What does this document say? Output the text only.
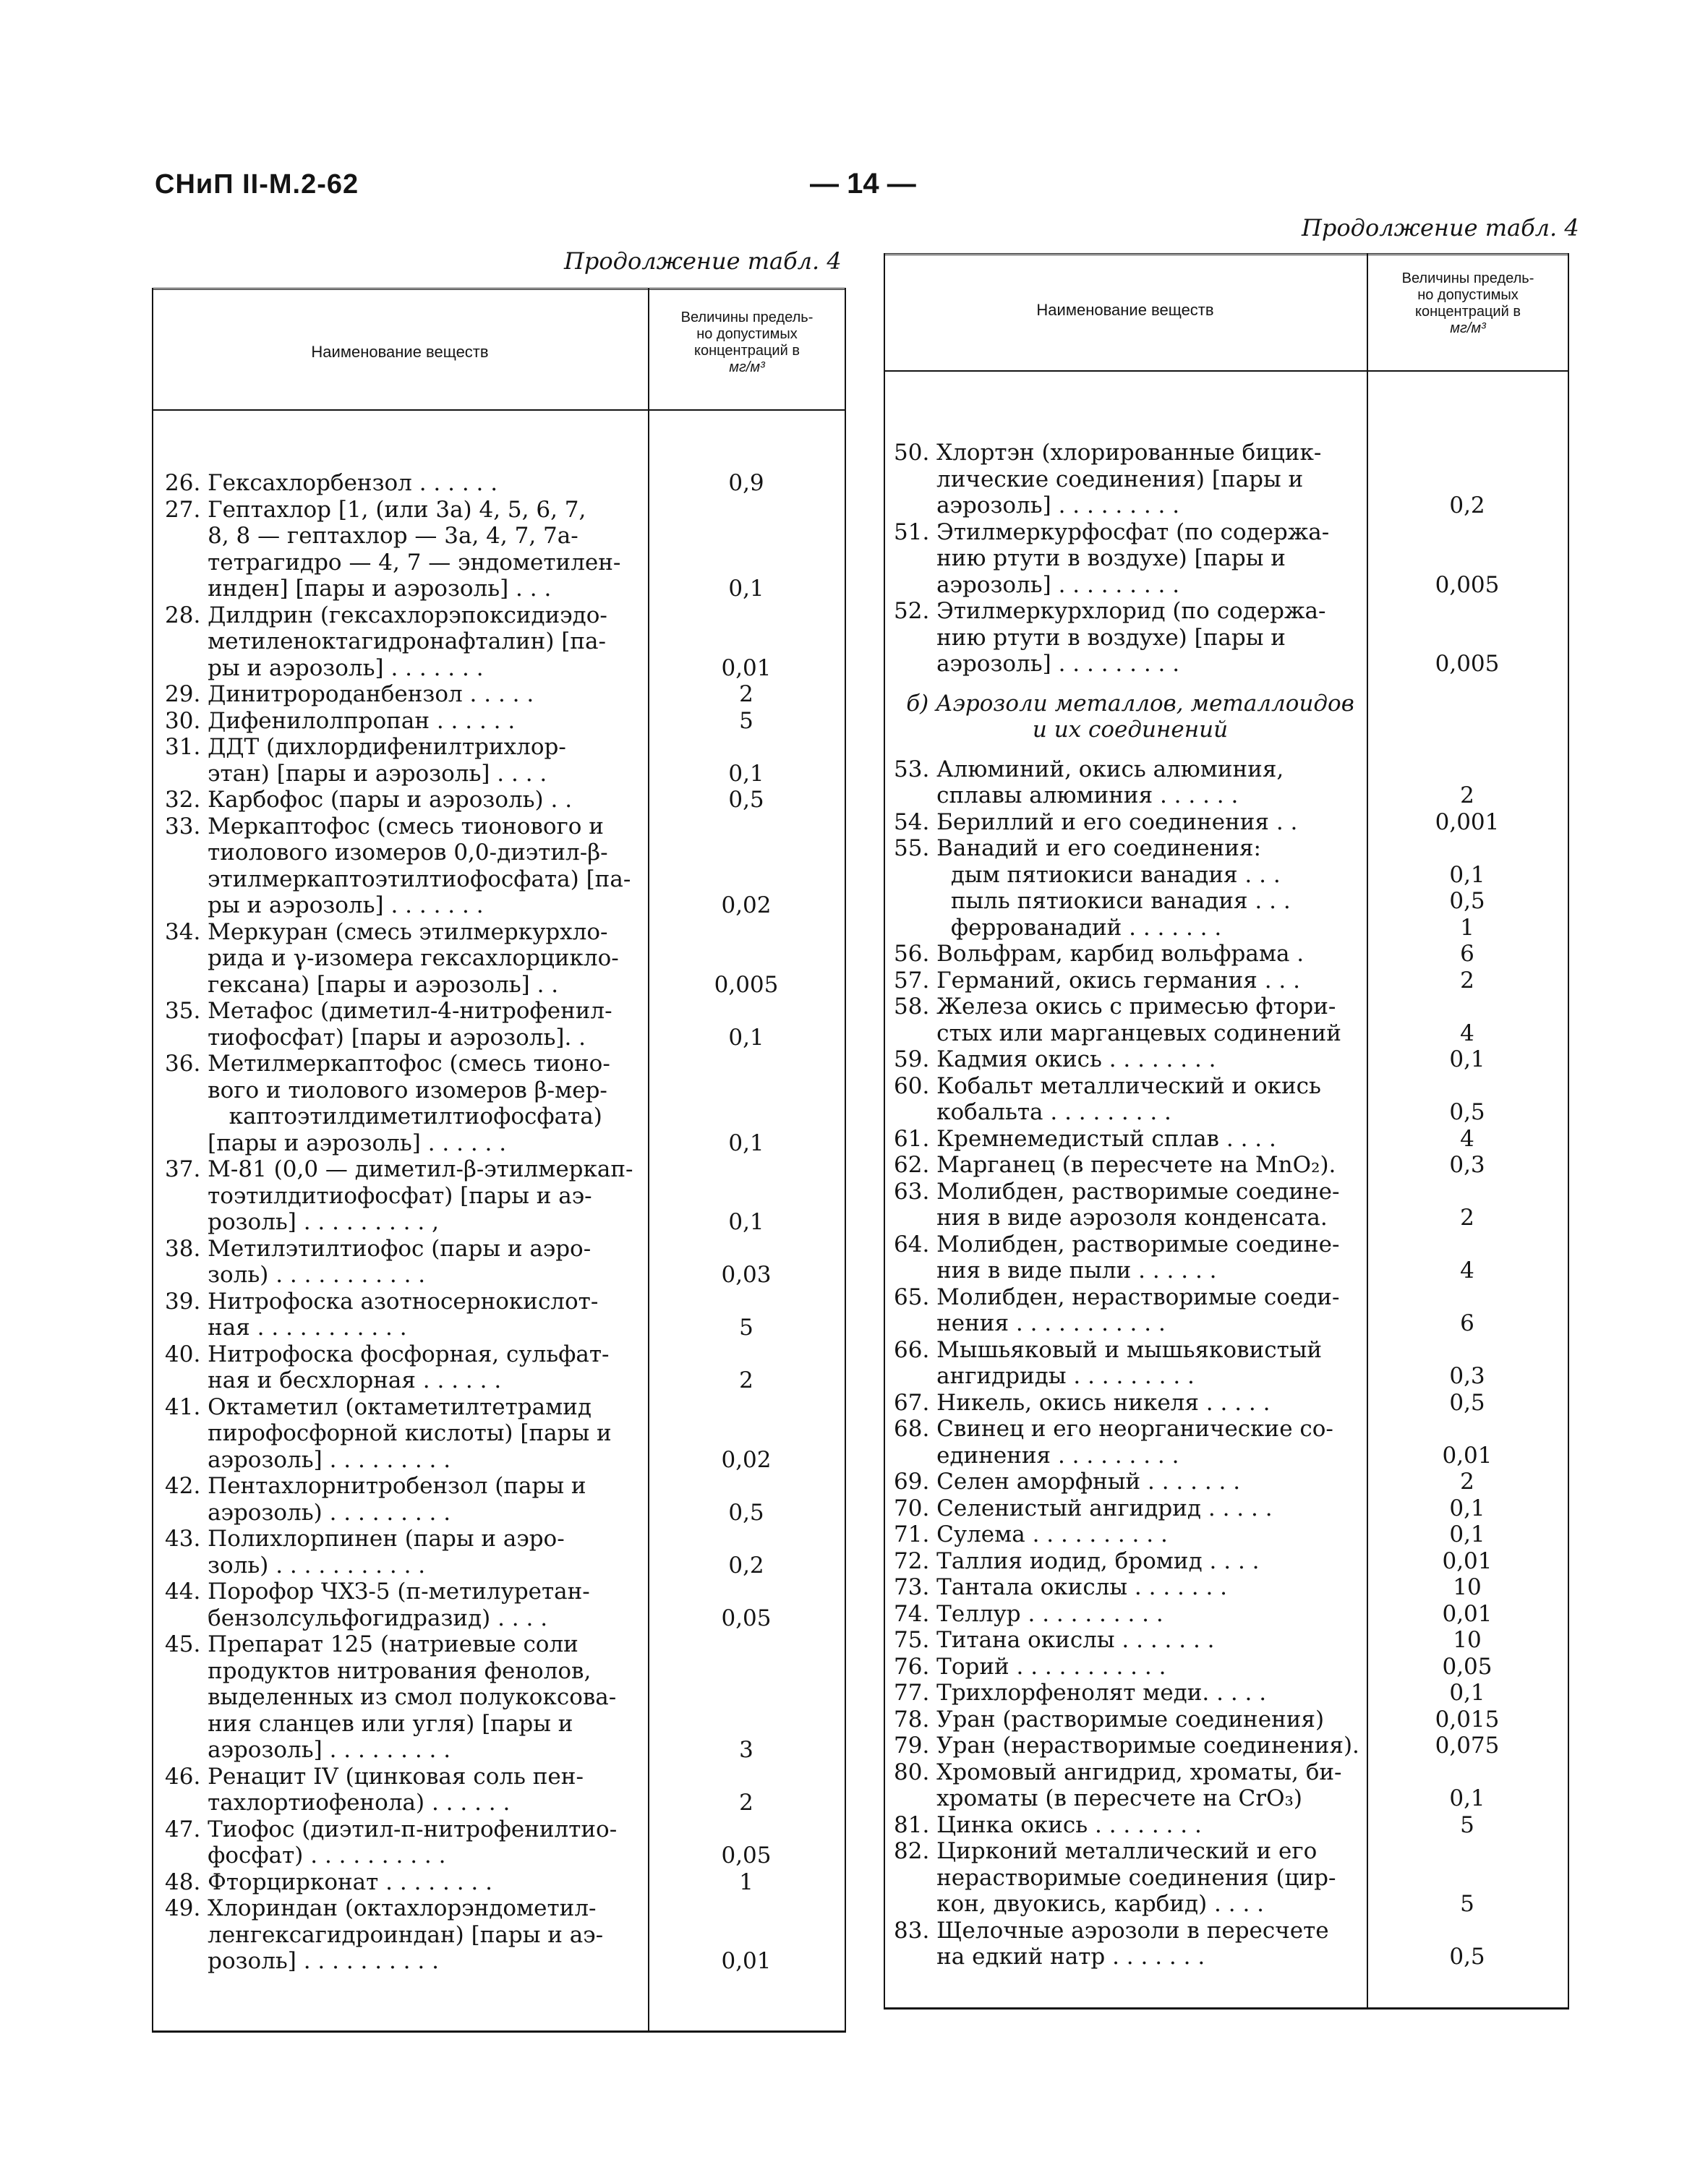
СНиП II-М.2-62	— 14 —
Продолжение табл. 4
Продолжение табл. 4
Наименование веществ
Величины предель-
но допустимых
концентраций в
мг/м³
26. Гексахлорбензол . . . . . .	0,9
27. Гептахлор [1, (или 3а) 4, 5, 6, 7,
8, 8 — гептахлор — 3а, 4, 7, 7а-
тетрагидро — 4, 7 — эндометилен-
инден] [пары и аэрозоль] . . .	0,1
28. Дилдрин (гексахлорэпоксидиэдо-
метиленоктагидронафталин) [па-
ры и аэрозоль] . . . . . . .	0,01
29. Динитророданбензол . . . . .	2
30. Дифенилолпропан . . . . . .	5
31. ДДТ (дихлордифенилтрихлор-
этан) [пары и аэрозоль] . . . .	0,1
32. Карбофос (пары и аэрозоль) . .	0,5
33. Меркаптофос (смесь тионового и
тиолового изомеров 0,0-диэтил-β-
этилмеркаптоэтилтиофосфата) [па-
ры и аэрозоль] . . . . . . .	0,02
34. Меркуран (смесь этилмеркурхло-
рида и γ-изомера гексахлорцикло-
гексана) [пары и аэрозоль] . .	0,005
35. Метафос (диметил-4-нитрофенил-
тиофосфат) [пары и аэрозоль]. .	0,1
36. Метилмеркаптофос (смесь тионо-
вого и тиолового изомеров β-мер-
каптоэтилдиметилтиофосфата)
[пары и аэрозоль] . . . . . .	0,1
37. М-81 (0,0 — диметил-β-этилмеркап-
тоэтилдитиофосфат) [пары и аэ-
розоль] . . . . . . . . . ,	0,1
38. Метилэтилтиофос (пары и аэро-
золь) . . . . . . . . . . .	0,03
39. Нитрофоска азотносернокислот-
ная . . . . . . . . . . .	5
40. Нитрофоска фосфорная, сульфат-
ная и бесхлорная . . . . . .	2
41. Октаметил (октаметилтетрамид
пирофосфорной кислоты) [пары и
аэрозоль] . . . . . . . . .	0,02
42. Пентахлорнитробензол (пары и
аэрозоль) . . . . . . . . .	0,5
43. Полихлорпинен (пары и аэро-
золь) . . . . . . . . . . .	0,2
44. Порофор ЧХЗ-5 (п-метилуретан-
бензолсульфогидразид) . . . .	0,05
45. Препарат 125 (натриевые соли
продуктов нитрования фенолов,
выделенных из смол полукоксова-
ния сланцев или угля) [пары и
аэрозоль] . . . . . . . . .	3
46. Ренацит IV (цинковая соль пен-
тахлортиофенола) . . . . . .	2
47. Тиофос (диэтил-п-нитрофенилтио-
фосфат) . . . . . . . . . .	0,05
48. Фторцирконат . . . . . . . .	1
49. Хлориндан (октахлорэндометил-
ленгексагидроиндан) [пары и аэ-
розоль] . . . . . . . . . .	0,01
Наименование веществ
Величины предель-
но допустимых
концентраций в
мг/м³
50. Хлортэн (хлорированные бицик-
лические соединения) [пары и
аэрозоль] . . . . . . . . .	0,2
51. Этилмеркурфосфат (по содержа-
нию ртути в воздухе) [пары и
аэрозоль] . . . . . . . . .	0,005
52. Этилмеркурхлорид (по содержа-
нию ртути в воздухе) [пары и
аэрозоль] . . . . . . . . .	0,005
б) Аэрозоли металлов, металлоидов
и их соединений
53. Алюминий, окись алюминия,
сплавы алюминия . . . . . .	2
54. Бериллий и его соединения . .	0,001
55. Ванадий и его соединения:
дым пятиокиси ванадия . . .	0,1
пыль пятиокиси ванадия . . .	0,5
феррованадий . . . . . . .	1
56. Вольфрам, карбид вольфрама .	6
57. Германий, окись германия . . .	2
58. Железа окись с примесью фтори-
стых или марганцевых содинений	4
59. Кадмия окись . . . . . . . .	0,1
60. Кобальт металлический и окись
кобальта . . . . . . . . .	0,5
61. Кремнемедистый сплав . . . .	4
62. Марганец (в пересчете на MnO₂).	0,3
63. Молибден, растворимые соедине-
ния в виде аэрозоля конденсата.	2
64. Молибден, растворимые соедине-
ния в виде пыли . . . . . .	4
65. Молибден, нерастворимые соеди-
нения . . . . . . . . . . .	6
66. Мышьяковый и мышьяковистый
ангидриды . . . . . . . . .	0,3
67. Никель, окись никеля . . . . .	0,5
68. Свинец и его неорганические со-
единения . . . . . . . . .	0,01
69. Селен аморфный . . . . . . .	2
70. Селенистый ангидрид . . . . .	0,1
71. Сулема . . . . . . . . . .	0,1
72. Таллия иодид, бромид . . . .	0,01
73. Тантала окислы . . . . . . .	10
74. Теллур . . . . . . . . . .	0,01
75. Титана окислы . . . . . . .	10
76. Торий . . . . . . . . . . .	0,05
77. Трихлорфенолят меди. . . . .	0,1
78. Уран (растворимые соединения)	0,015
79. Уран (нерастворимые соединения).	0,075
80. Хромовый ангидрид, хроматы, би-
хроматы (в пересчете на CrO₃)	0,1
81. Цинка окись . . . . . . . .	5
82. Цирконий металлический и его
нерастворимые соединения (цир-
кон, двуокись, карбид) . . . .	5
83. Щелочные аэрозоли в пересчете
на едкий натр . . . . . . .	0,5
